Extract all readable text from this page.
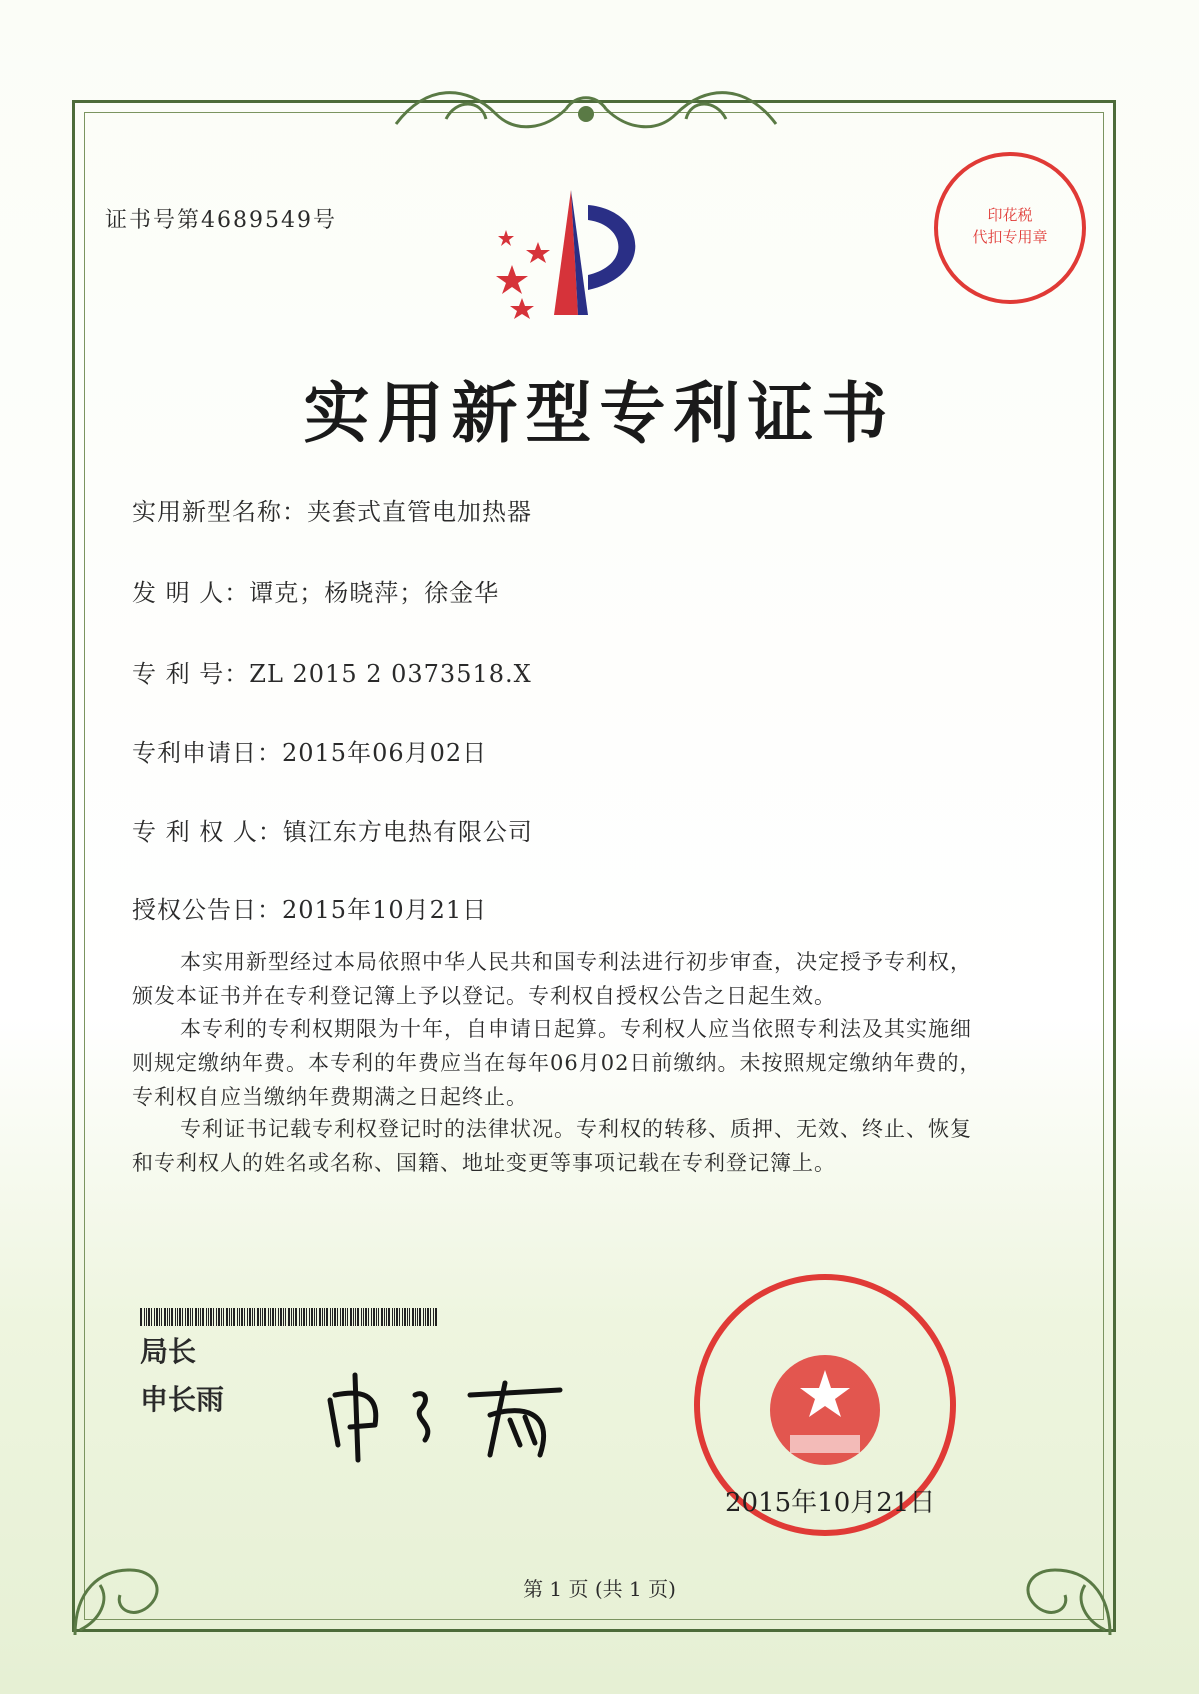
证书号第4689549号	印花税
代扣专用章
实用新型专利证书
实用新型名称：夹套式直管电加热器
发 明 人：谭克；杨晓萍；徐金华
专 利 号：ZL 2015 2 0373518.X
专利申请日：2015年06月02日
专 利 权 人：镇江东方电热有限公司
授权公告日：2015年10月21日
本实用新型经过本局依照中华人民共和国专利法进行初步审查，决定授予专利权，颁发本证书并在专利登记簿上予以登记。专利权自授权公告之日起生效。
本专利的专利权期限为十年，自申请日起算。专利权人应当依照专利法及其实施细则规定缴纳年费。本专利的年费应当在每年06月02日前缴纳。未按照规定缴纳年费的，专利权自应当缴纳年费期满之日起终止。
专利证书记载专利权登记时的法律状况。专利权的转移、质押、无效、终止、恢复和专利权人的姓名或名称、国籍、地址变更等事项记载在专利登记簿上。
局长
申长雨
2015年10月21日
第 1 页 (共 1 页)
